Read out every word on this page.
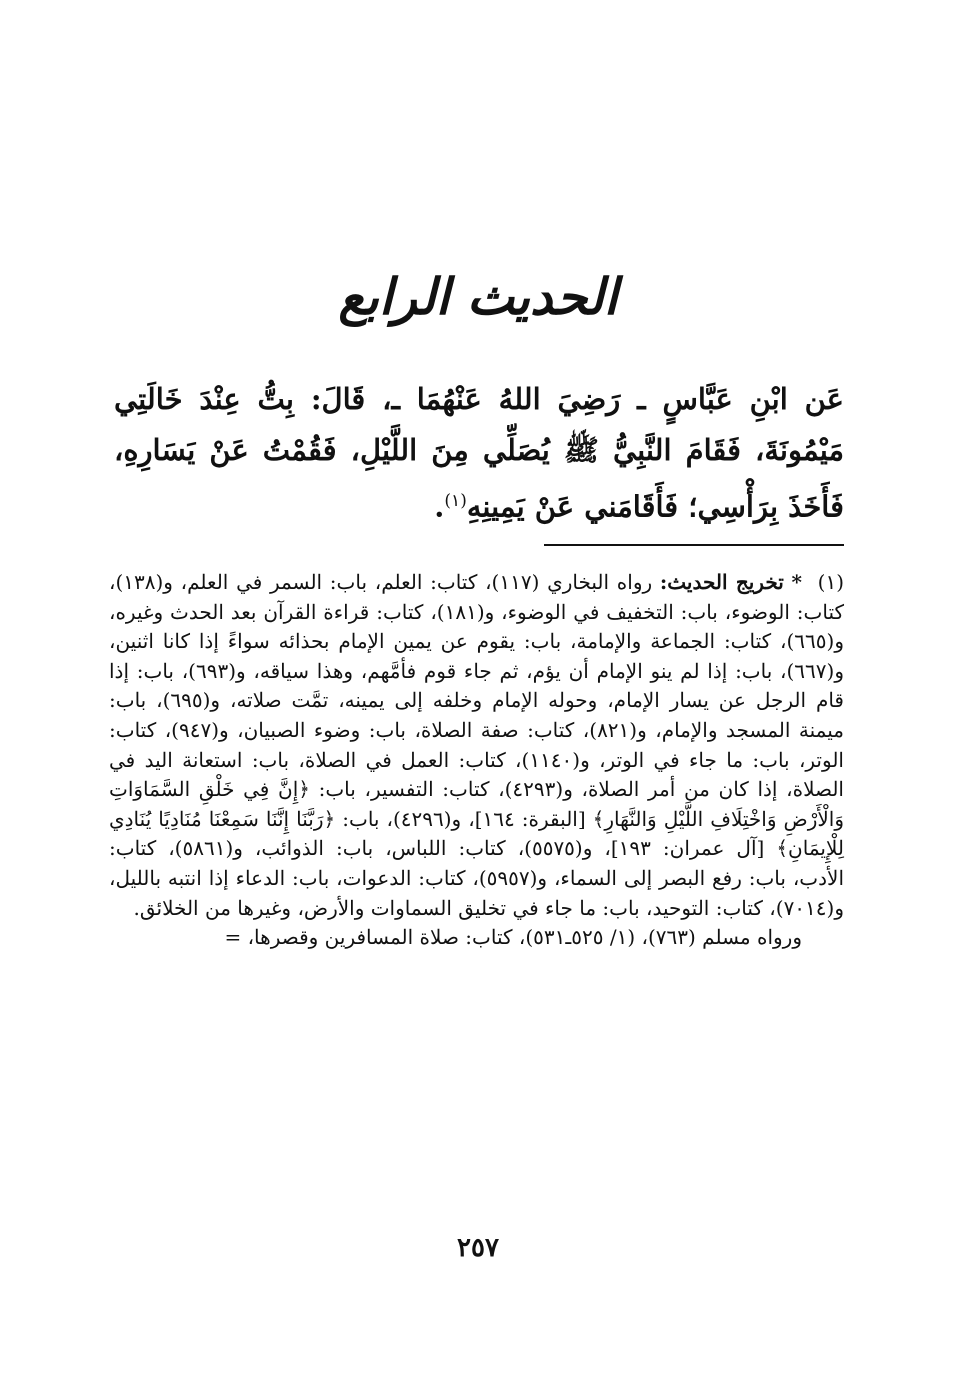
الحديث الرابع

عَن ابْنِ عَبَّاسٍ ـ رَضِيَ اللهُ عَنْهُمَا ـ، قَالَ: بِتُّ عِنْدَ خَالَتِي مَيْمُونَةَ، فَقَامَ النَّبِيُّ ﷺ يُصَلِّي مِنَ اللَّيْلِ، فَقُمْتُ عَنْ يَسَارِهِ، فَأَخَذَ بِرَأْسِي؛ فَأَقَامَني عَنْ يَمِينِهِ$^{(١)}$.

(١)* تخريج الحديث: رواه البخاري (١١٧)، كتاب: العلم، باب: السمر في العلم، و(١٣٨)، كتاب: الوضوء، باب: التخفيف في الوضوء، و(١٨١)، كتاب: قراءة القرآن بعد الحدث وغيره، و(٦٦٥)، كتاب: الجماعة والإمامة، باب: يقوم عن يمين الإمام بحذائه سواءً إذا كانا اثنين، و(٦٦٧)، باب: إذا لم ينو الإمام أن يؤم، ثم جاء قوم فأمَّهم، وهذا سياقه، و(٦٩٣)، باب: إذا قام الرجل عن يسار الإمام، وحوله الإمام وخلفه إلى يمينه، تمَّت صلاته، و(٦٩٥)، باب: ميمنة المسجد والإمام، و(٨٢١)، كتاب: صفة الصلاة، باب: وضوء الصبيان، و(٩٤٧)، كتاب: الوتر، باب: ما جاء في الوتر، و(١١٤٠)، كتاب: العمل في الصلاة، باب: استعانة اليد في الصلاة، إذا كان من أمر الصلاة، و(٤٢٩٣)، كتاب: التفسير، باب: ﴿إِنَّ فِي خَلْقِ السَّمَاوَاتِ وَالْأَرْضِ وَاخْتِلَافِ اللَّيْلِ وَالنَّهَارِ﴾ [البقرة: ١٦٤]، و(٤٢٩٦)، باب: ﴿رَبَّنَا إِنَّنَا سَمِعْنَا مُنَادِيًا يُنَادِي لِلْإِيمَانِ﴾ [آل عمران: ١٩٣]، و(٥٥٧٥)، كتاب: اللباس، باب: الذوائب، و(٥٨٦١)، كتاب: الأدب، باب: رفع البصر إلى السماء، و(٥٩٥٧)، كتاب: الدعوات، باب: الدعاء إذا انتبه بالليل، و(٧٠١٤)، كتاب: التوحيد، باب: ما جاء في تخليق السماوات والأرض، وغيرها من الخلائق.
ورواه مسلم (٧٦٣)، (١/ ٥٢٥ـ٥٣١)، كتاب: صلاة المسافرين وقصرها، =
٢٥٧
